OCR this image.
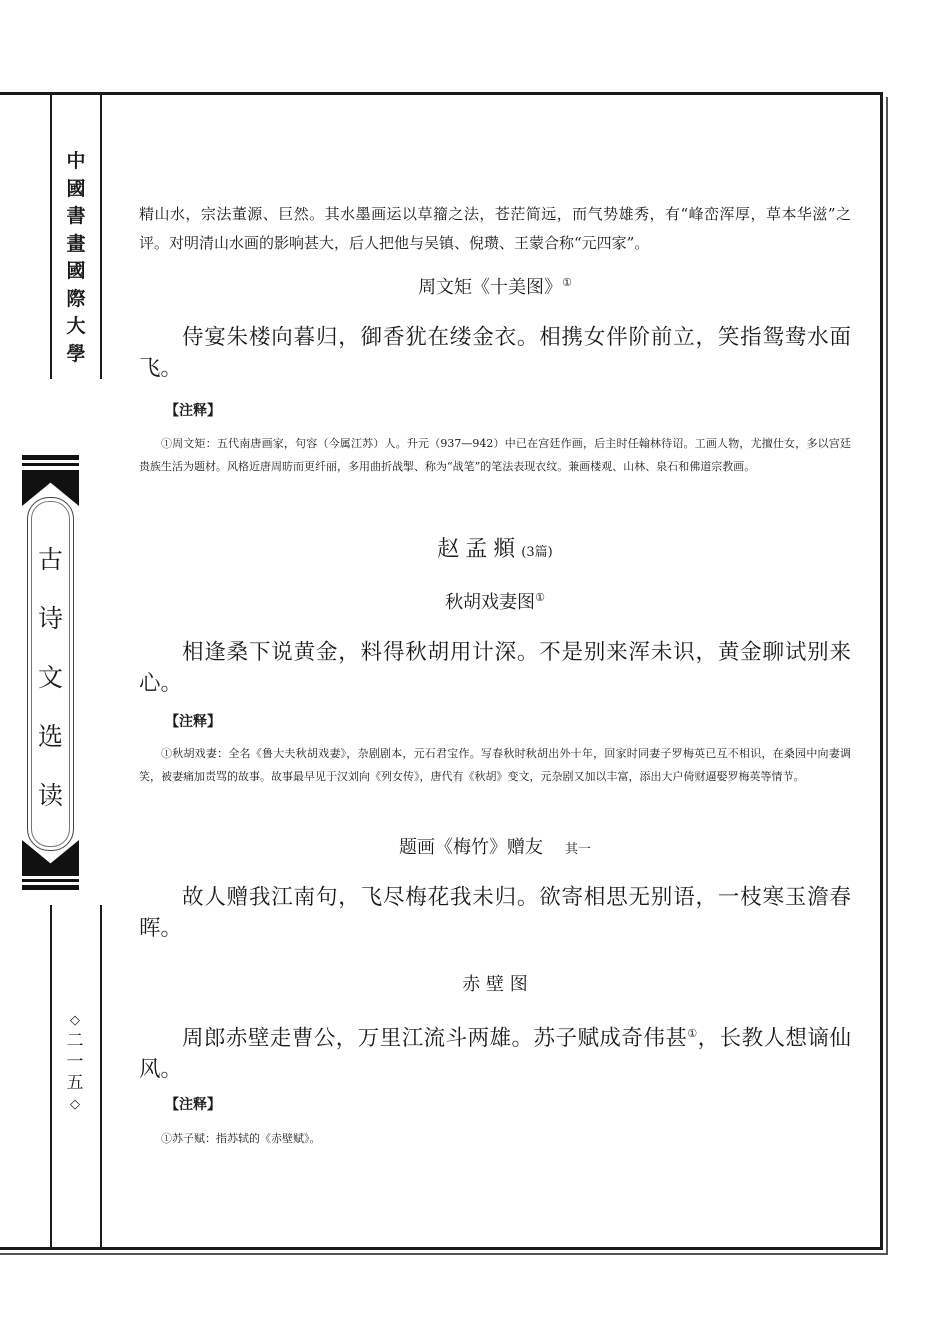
中
國
書
畫
國
際
大
學
古
诗
文
选
读
◇
二
一
五
◇

精山水，宗法董源、巨然。其水墨画运以草籀之法，苍茫简远，而气势雄秀，有“峰峦浑厚，草本华滋”之评。对明清山水画的影响甚大，后人把他与吴镇、倪瓒、王蒙合称“元四家”。

周文矩《十美图》①

侍宴朱楼向暮归，御香犹在缕金衣。相携女伴阶前立，笑指鸳鸯水面飞。

【注释】

①周文矩：五代南唐画家，句容（今属江苏）人。升元（937—942）中已在宫廷作画，后主时任翰林待诏。工画人物，尤擅仕女，多以宫廷贵族生活为题材。风格近唐周昉而更纤丽，多用曲折战掣、称为“战笔”的笔法表现衣纹。兼画楼观、山林、泉石和佛道宗教画。

赵孟頫(3篇)
秋胡戏妻图①

相逢桑下说黄金，料得秋胡用计深。不是别来浑未识，黄金聊试别来心。

【注释】

①秋胡戏妻：全名《鲁大夫秋胡戏妻》，杂剧剧本，元石君宝作。写春秋时秋胡出外十年，回家时同妻子罗梅英已互不相识，在桑园中向妻调笑，被妻痛加责骂的故事。故事最早见于汉刘向《列女传》，唐代有《秋胡》变文，元杂剧又加以丰富，添出大户倚财逼娶罗梅英等情节。

题画《梅竹》赠友 其一

故人赠我江南句，飞尽梅花我未归。欲寄相思无别语，一枝寒玉澹春晖。

赤 壁 图

周郎赤壁走曹公，万里江流斗两雄。苏子赋成奇伟甚①，长教人想谪仙风。

【注释】

①苏子赋：指苏轼的《赤壁赋》。
